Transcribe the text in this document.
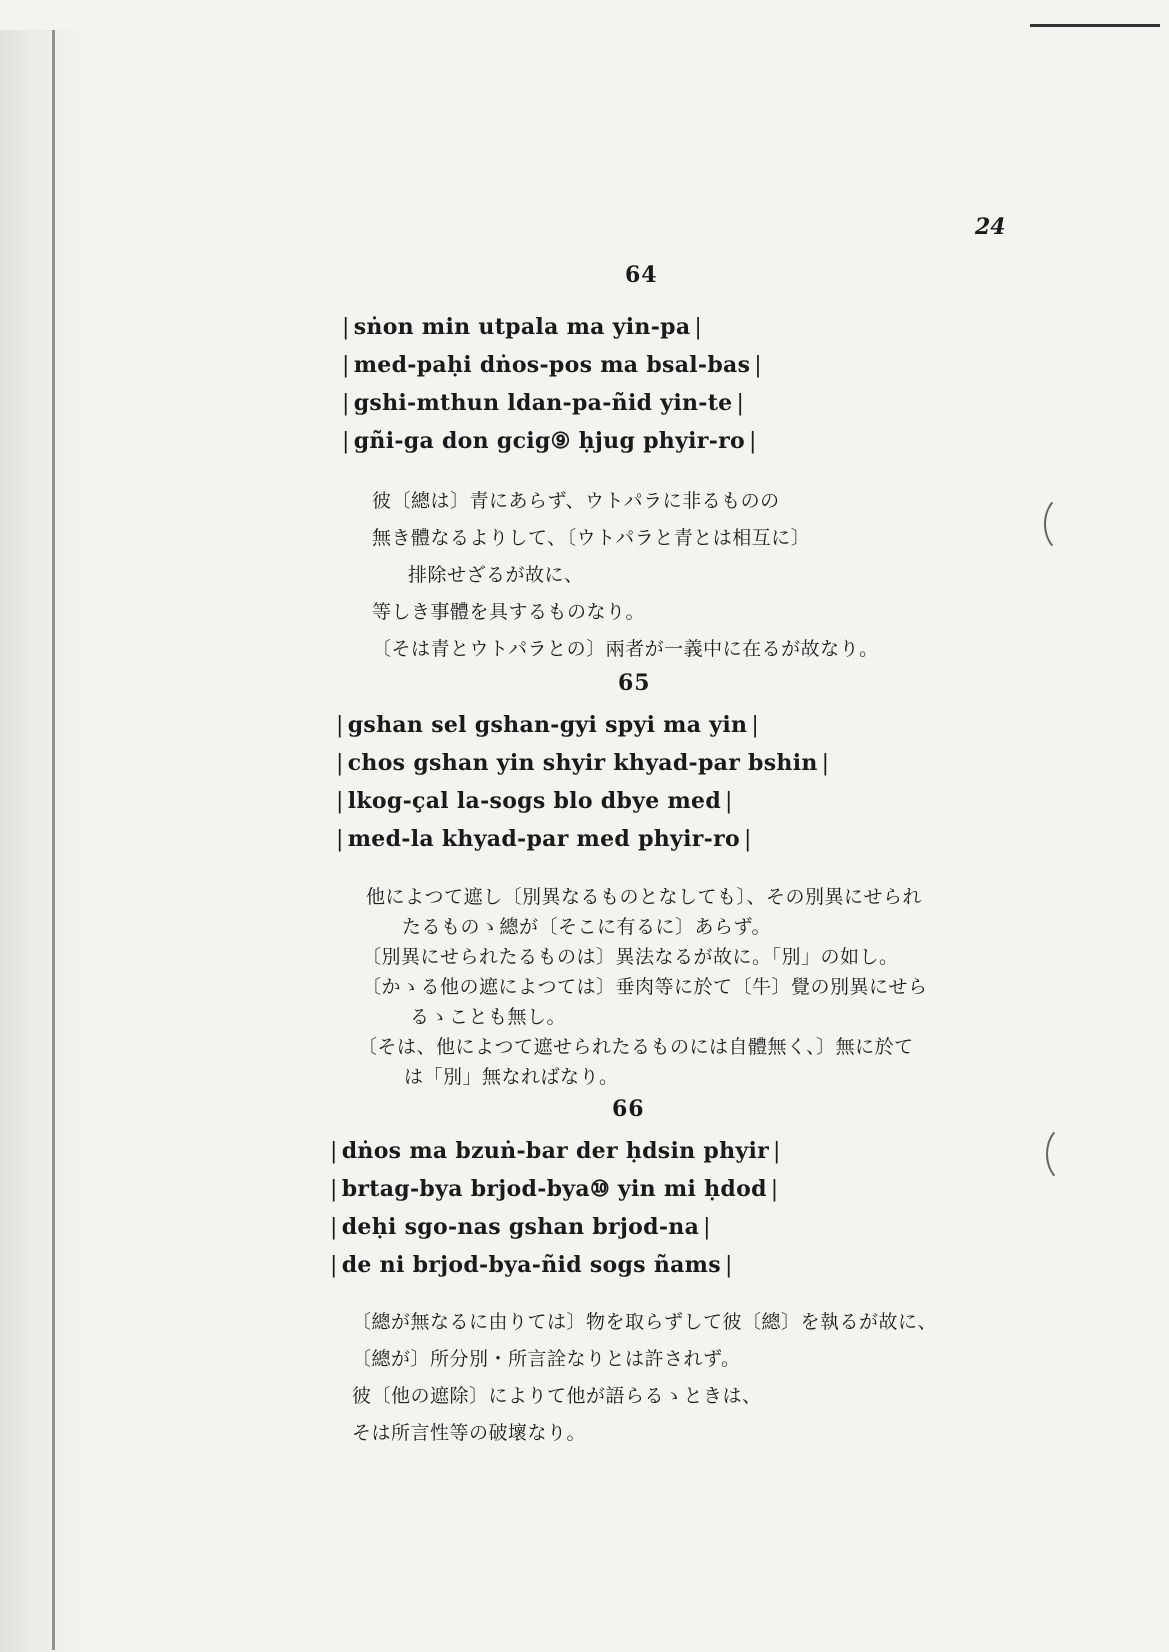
24
64
| sṅon min utpala ma yin-pa |
| med-paḥi dṅos-pos ma bsal-bas |
| gshi-mthun ldan-pa-ñid yin-te |
| gñi-ga don gcig⑨ ḥjug phyir-ro |
彼〔總は〕青にあらず、ウトパラに非るものの
無き體なるよりして、〔ウトパラと青とは相互に〕
排除せざるが故に、
等しき事體を具するものなり。
〔そは青とウトパラとの〕兩者が一義中に在るが故なり。
65
| gshan sel gshan-gyi spyi ma yin |
| chos gshan yin shyir khyad-par bshin |
| lkog-çal la-sogs blo dbye med |
| med-la khyad-par med phyir-ro |
他によつて遮し〔別異なるものとなしても〕、その別異にせられ
たるものゝ總が〔そこに有るに〕あらず。
〔別異にせられたるものは〕異法なるが故に。「別」の如し。
〔かゝる他の遮によつては〕垂肉等に於て〔牛〕覺の別異にせら
るゝことも無し。
〔そは、他によつて遮せられたるものには自體無く、〕無に於て
は「別」無なればなり。
66
| dṅos ma bzuṅ-bar der ḥdsin phyir |
| brtag-bya brjod-bya⑩ yin mi ḥdod |
| deḥi sgo-nas gshan brjod-na |
| de ni brjod-bya-ñid sogs ñams |
〔總が無なるに由りては〕物を取らずして彼〔總〕を執るが故に、
〔總が〕所分別・所言詮なりとは許されず。
彼〔他の遮除〕によりて他が語らるゝときは、
そは所言性等の破壞なり。
